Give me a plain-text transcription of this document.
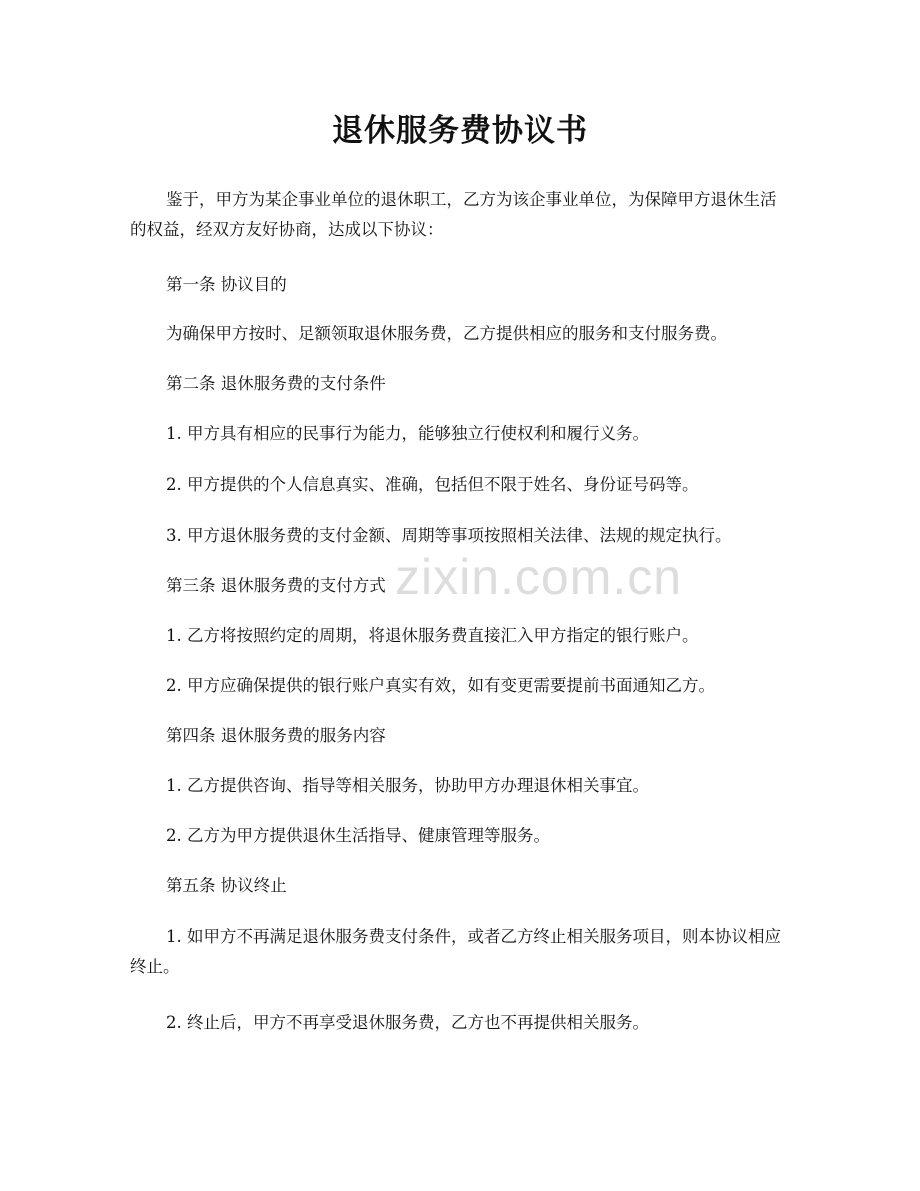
退休服务费协议书

鉴于，甲方为某企事业单位的退休职工，乙方为该企事业单位，为保障甲方退休生活的权益，经双方友好协商，达成以下协议：

第一条 协议目的

为确保甲方按时、足额领取退休服务费，乙方提供相应的服务和支付服务费。

第二条 退休服务费的支付条件

1. 甲方具有相应的民事行为能力，能够独立行使权利和履行义务。

2. 甲方提供的个人信息真实、准确，包括但不限于姓名、身份证号码等。

3. 甲方退休服务费的支付金额、周期等事项按照相关法律、法规的规定执行。

第三条 退休服务费的支付方式

1. 乙方将按照约定的周期，将退休服务费直接汇入甲方指定的银行账户。

2. 甲方应确保提供的银行账户真实有效，如有变更需要提前书面通知乙方。

第四条 退休服务费的服务内容

1. 乙方提供咨询、指导等相关服务，协助甲方办理退休相关事宜。

2. 乙方为甲方提供退休生活指导、健康管理等服务。

第五条 协议终止

1. 如甲方不再满足退休服务费支付条件，或者乙方终止相关服务项目，则本协议相应终止。

2. 终止后，甲方不再享受退休服务费，乙方也不再提供相关服务。

zixin.com.cn
